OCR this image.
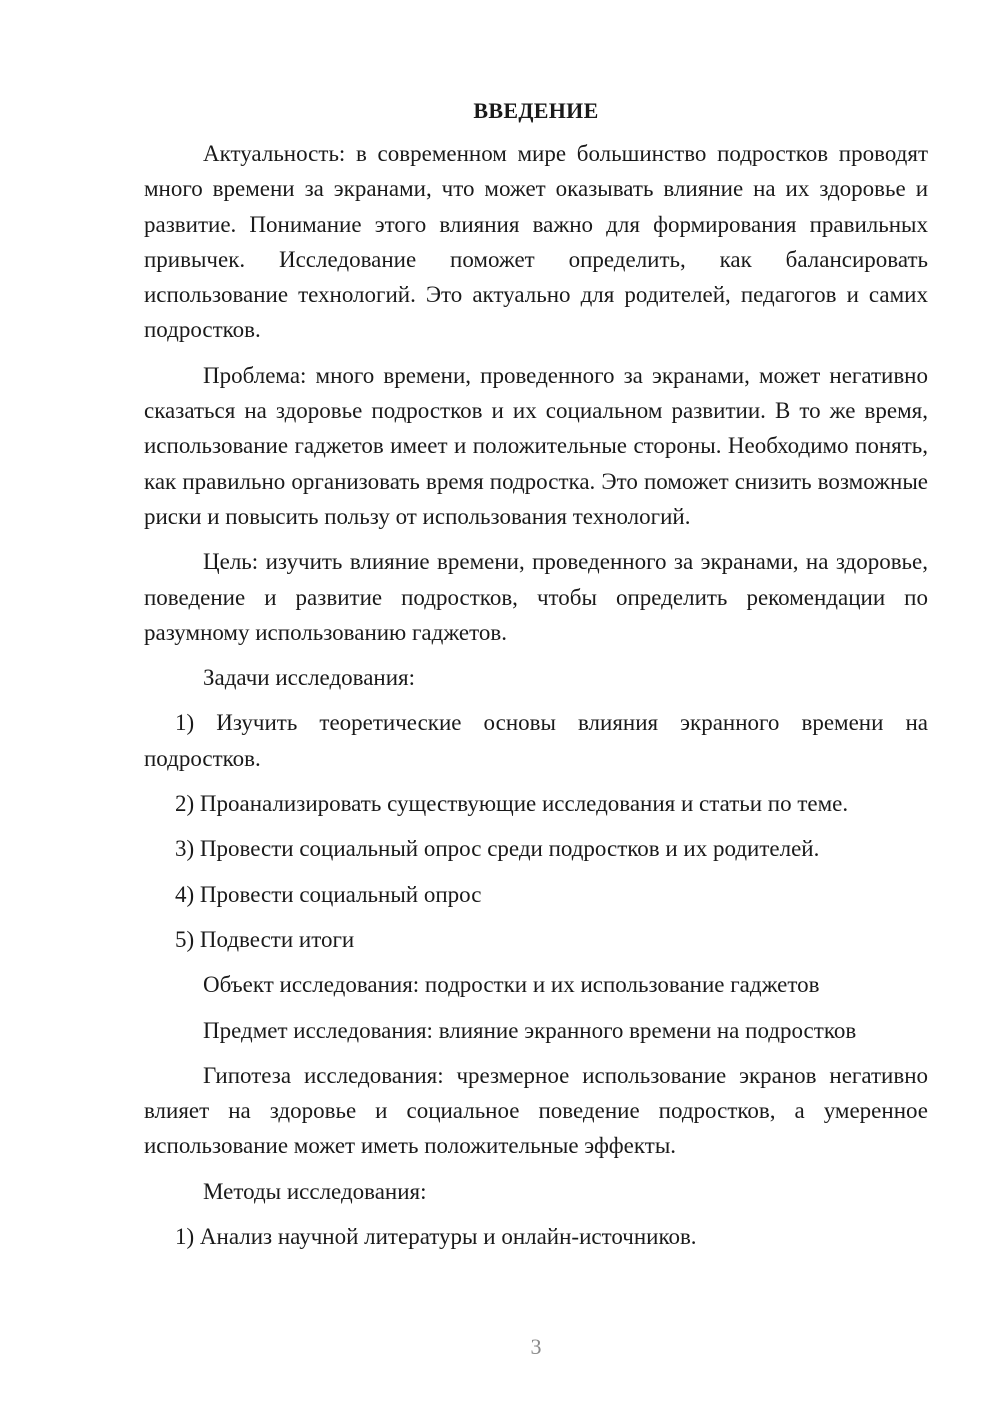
ВВЕДЕНИЕ

Актуальность: в современном мире большинство подростков проводят много времени за экранами, что может оказывать влияние на их здоровье и развитие. Понимание этого влияния важно для формирования правильных привычек. Исследование поможет определить, как балансировать использование технологий. Это актуально для родителей, педагогов и самих подростков.

Проблема: много времени, проведенного за экранами, может негативно сказаться на здоровье подростков и их социальном развитии. В то же время, использование гаджетов имеет и положительные стороны. Необходимо понять, как правильно организовать время подростка. Это поможет снизить возможные риски и повысить пользу от использования технологий.

Цель: изучить влияние времени, проведенного за экранами, на здоровье, поведение и развитие подростков, чтобы определить рекомендации по разумному использованию гаджетов.

Задачи исследования:

1) Изучить теоретические основы влияния экранного времени на подростков.

2) Проанализировать существующие исследования и статьи по теме.

3) Провести социальный опрос среди подростков и их родителей.

4) Провести социальный опрос

5) Подвести итоги

Объект исследования: подростки и их использование гаджетов

Предмет исследования: влияние экранного времени на подростков

Гипотеза исследования: чрезмерное использование экранов негативно влияет на здоровье и социальное поведение подростков, а умеренное использование может иметь положительные эффекты.

Методы исследования:

1) Анализ научной литературы и онлайн-источников.

3
